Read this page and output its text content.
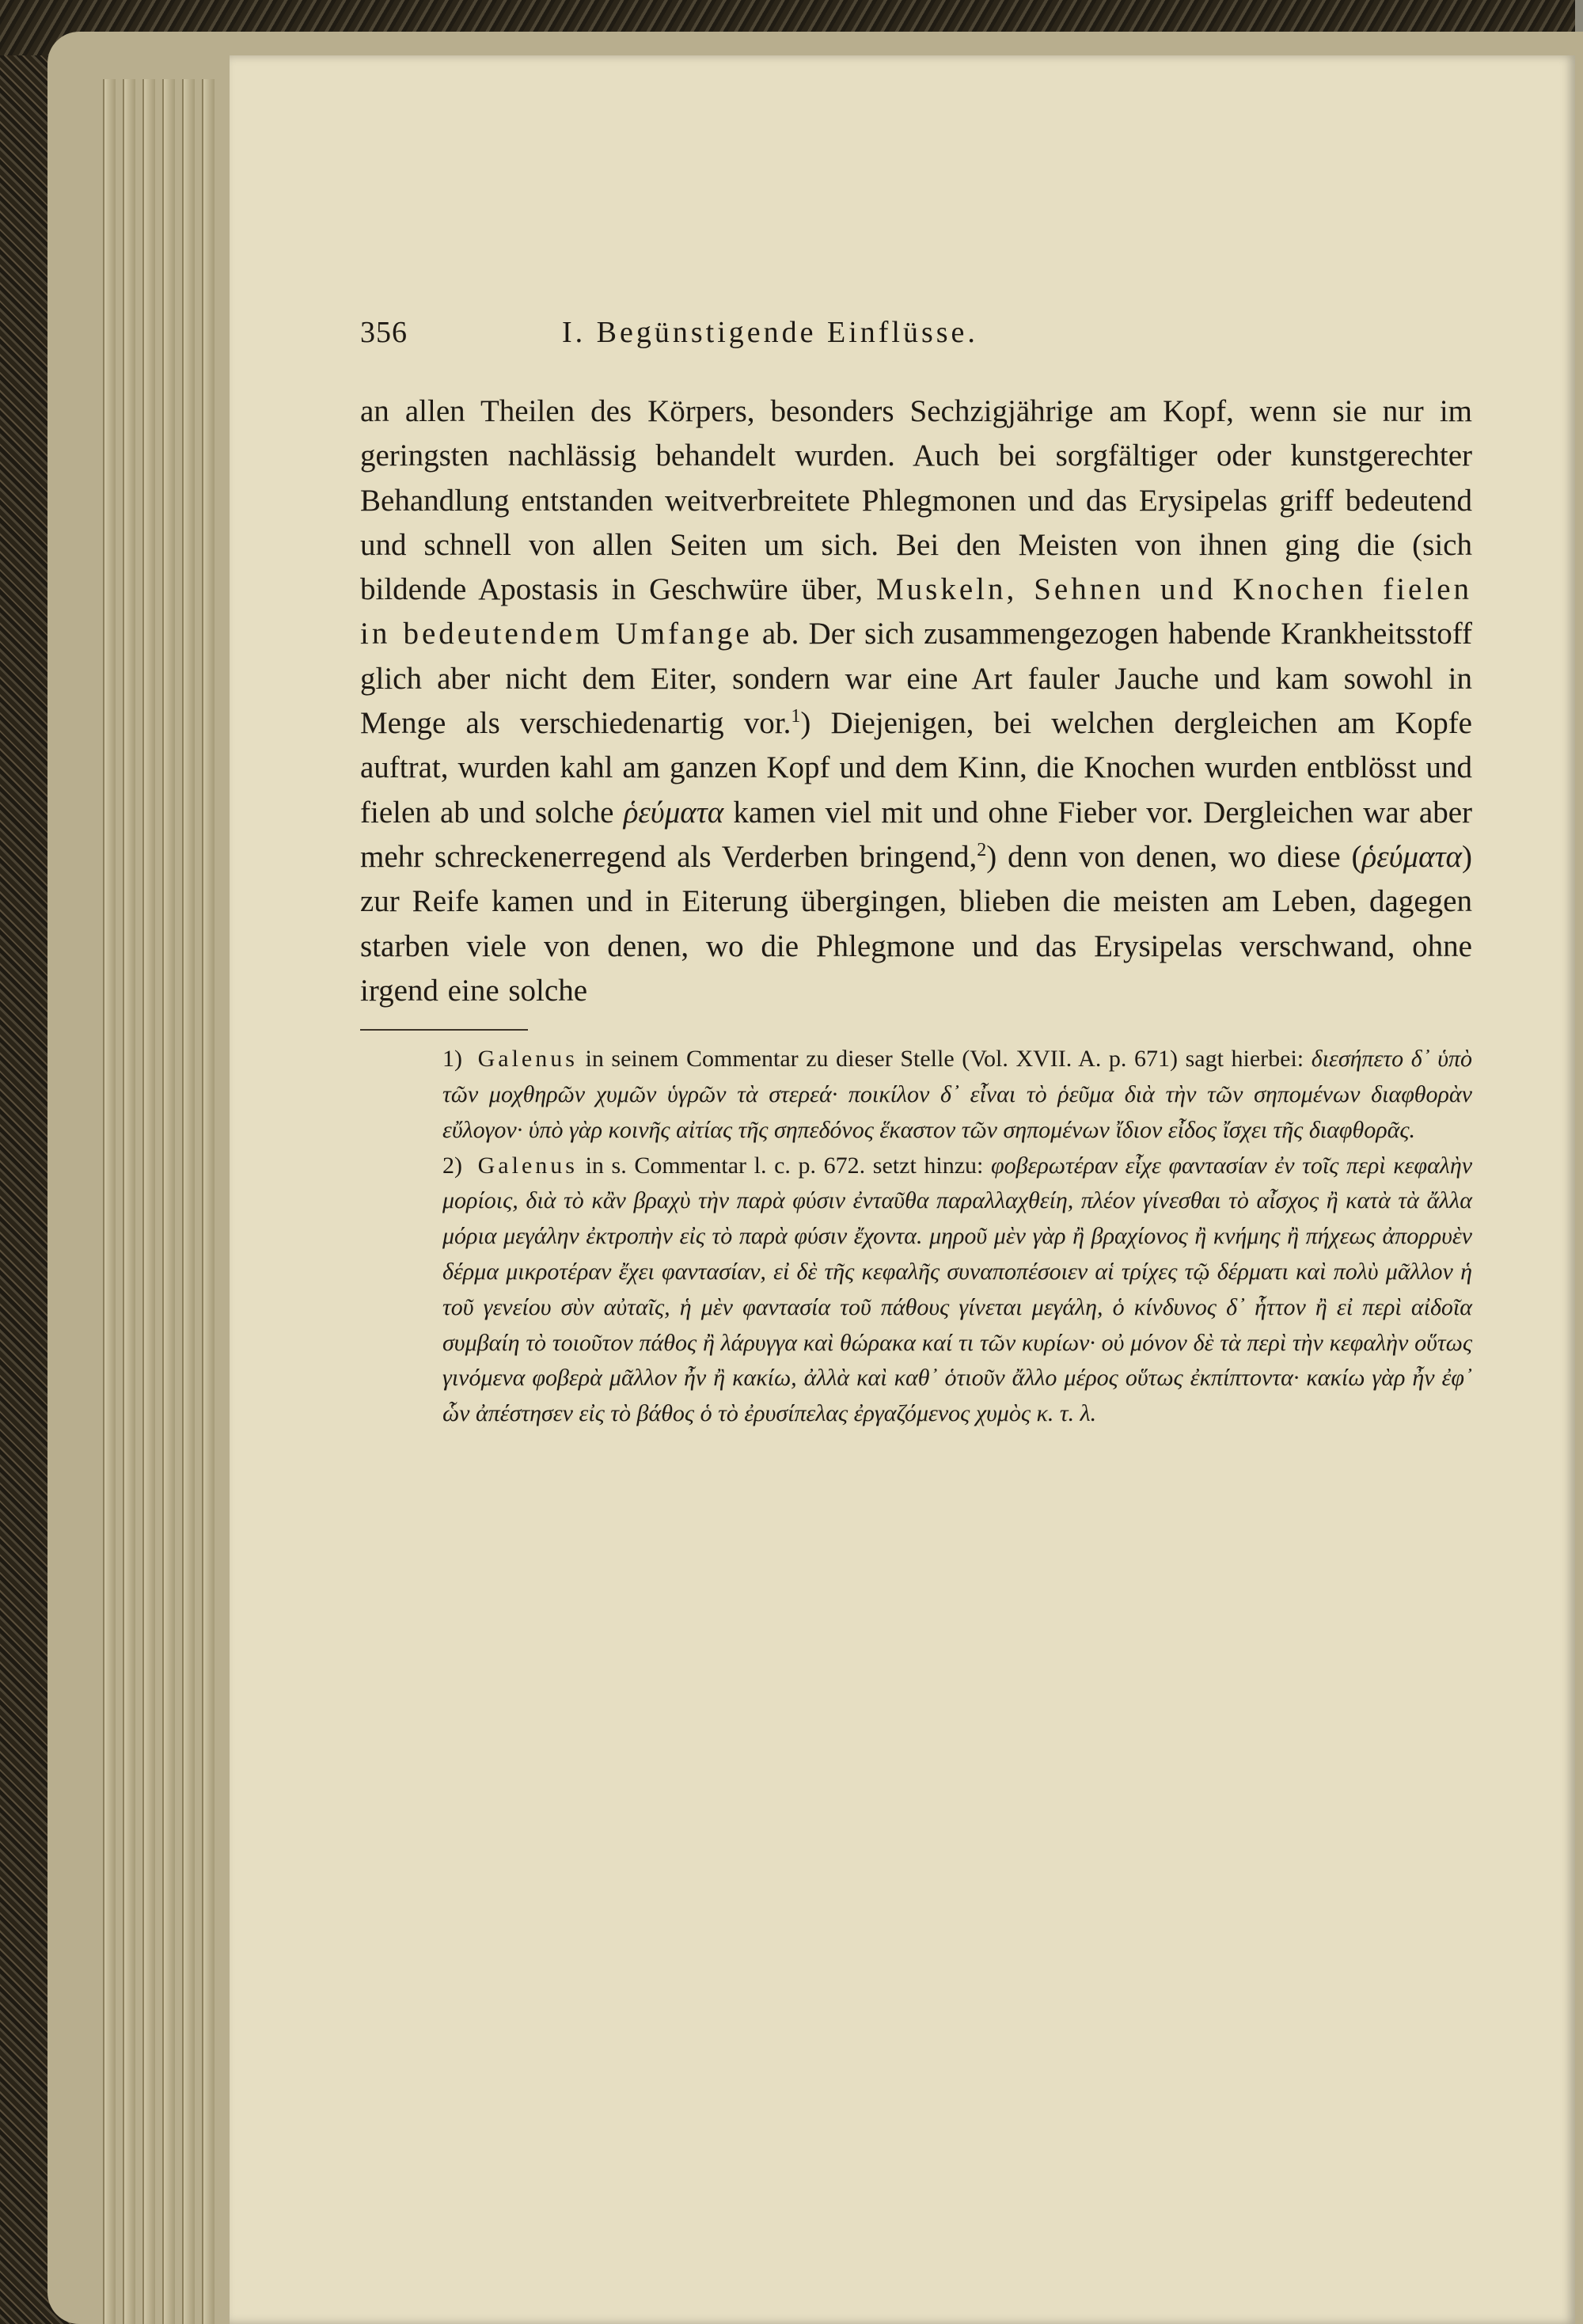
356	I. Begünstigende Einflüsse.

an allen Theilen des Körpers, besonders Sechzigjährige am Kopf, wenn sie nur im geringsten nachlässig behandelt wurden. Auch bei sorgfältiger oder kunstgerechter Behandlung entstanden weitverbreitete Phlegmonen und das Erysipelas griff bedeutend und schnell von allen Seiten um sich. Bei den Meisten von ihnen ging die (sich bildende Apostasis in Geschwüre über, Muskeln, Sehnen und Knochen fielen in bedeutendem Umfange ab. Der sich zusammengezogen habende Krankheitsstoff glich aber nicht dem Eiter, sondern war eine Art fauler Jauche und kam sowohl in Menge als verschiedenartig vor.$^1$) Diejenigen, bei welchen dergleichen am Kopfe auftrat, wurden kahl am ganzen Kopf und dem Kinn, die Knochen wurden entblösst und fielen ab und solche ῥεύματα kamen viel mit und ohne Fieber vor. Dergleichen war aber mehr schreckenerregend als Verderben bringend,$^2$) denn von denen, wo diese (ῥεύματα) zur Reife kamen und in Eiterung übergingen, blieben die meisten am Leben, dagegen starben viele von denen, wo die Phlegmone und das Erysipelas verschwand, ohne irgend eine solche

1) Galenus in seinem Commentar zu dieser Stelle (Vol. XVII. A. p. 671) sagt hierbei: διεσήπετο δ᾽ ὑπὸ τῶν μοχθηρῶν χυμῶν ὑγρῶν τὰ στερεά· ποικίλον δ᾽ εἶναι τὸ ῥεῦμα διὰ τὴν τῶν σηπομένων διαφθορὰν εὔλογον· ὑπὸ γὰρ κοινῆς αἰτίας τῆς σηπεδόνος ἕκαστον τῶν σηπομένων ἴδιον εἶδος ἴσχει τῆς διαφθορᾶς.

2) Galenus in s. Commentar l. c. p. 672. setzt hinzu: φοβερωτέραν εἶχε φαντασίαν ἐν τοῖς περὶ κεφαλὴν μορίοις, διὰ τὸ κἂν βραχὺ τὴν παρὰ φύσιν ἐνταῦθα παραλλαχθείη, πλέον γίνεσθαι τὸ αἶσχος ἢ κατὰ τὰ ἄλλα μόρια μεγάλην ἐκτροπὴν εἰς τὸ παρὰ φύσιν ἔχοντα. μηροῦ μὲν γὰρ ἢ βραχίονος ἢ κνήμης ἢ πήχεως ἀπορρυὲν δέρμα μικροτέραν ἔχει φαντασίαν, εἰ δὲ τῆς κεφαλῆς συναποπέσοιεν αἱ τρίχες τῷ δέρματι καὶ πολὺ μᾶλλον ἡ τοῦ γενείου σὺν αὐταῖς, ἡ μὲν φαντασία τοῦ πάθους γίνεται μεγάλη, ὁ κίνδυνος δ᾽ ἧττον ἢ εἰ περὶ αἰδοῖα συμβαίη τὸ τοιοῦτον πάθος ἢ λάρυγγα καὶ θώρακα καί τι τῶν κυρίων· οὐ μόνον δὲ τὰ περὶ τὴν κεφαλὴν οὕτως γινόμενα φοβερὰ μᾶλλον ἦν ἢ κακίω, ἀλλὰ καὶ καθ᾽ ὁτιοῦν ἄλλο μέρος οὕτως ἐκπίπτοντα· κακίω γὰρ ἦν ἐφ᾽ ὧν ἀπέστησεν εἰς τὸ βάθος ὁ τὸ ἐρυσίπελας ἐργαζόμενος χυμὸς κ. τ. λ.
